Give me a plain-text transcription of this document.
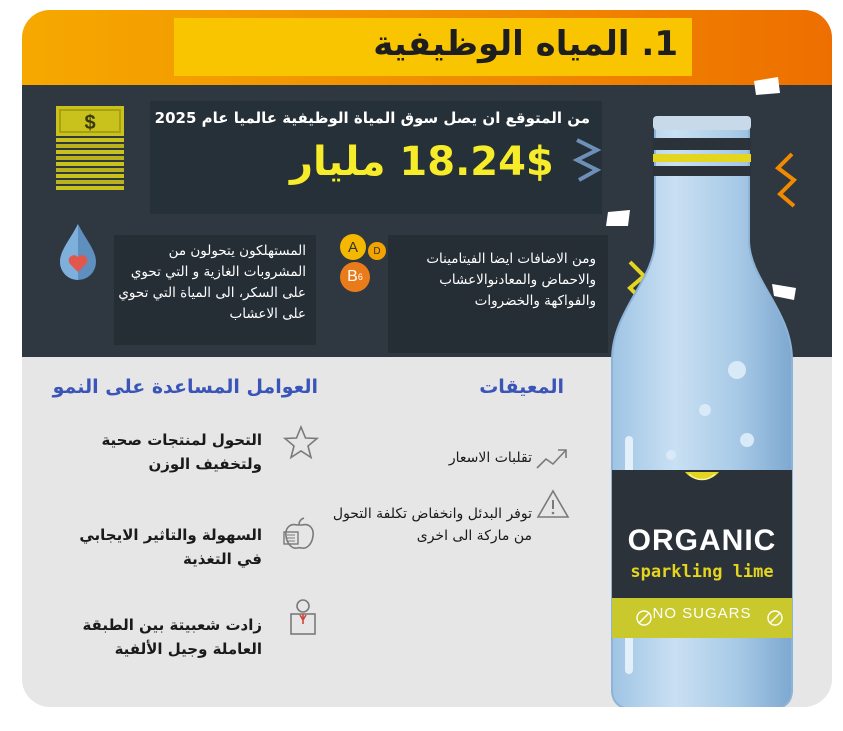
1. المياه الوظيفية
$	من المتوقع ان يصل سوق المياة الوظيفية عالميا عام 2025
18.24$ مليار
المستهلكون يتحولون من المشروبات الغازية و التي تحوي على السكر، الى المياة التي تحوي على الاعشاب
A	D
B 6
ومن الاضافات ايضا الفيتامينات والاحماض والمعادنوالاعشاب والفواكهة والخضروات
العوامل المساعدة على النمو	المعيقات
التحول لمنتجات صحية ولتخفيف الوزن
السهولة والتاثير الايجابي في التغذية
زادت شعبيتة بين الطبقة العاملة وجيل الألفية
تقلبات الاسعار
توفر البدئل وانخفاض تكلفة التحول من ماركة الى اخرى	ORGANIC
sparkling lime
NO SUGARS
